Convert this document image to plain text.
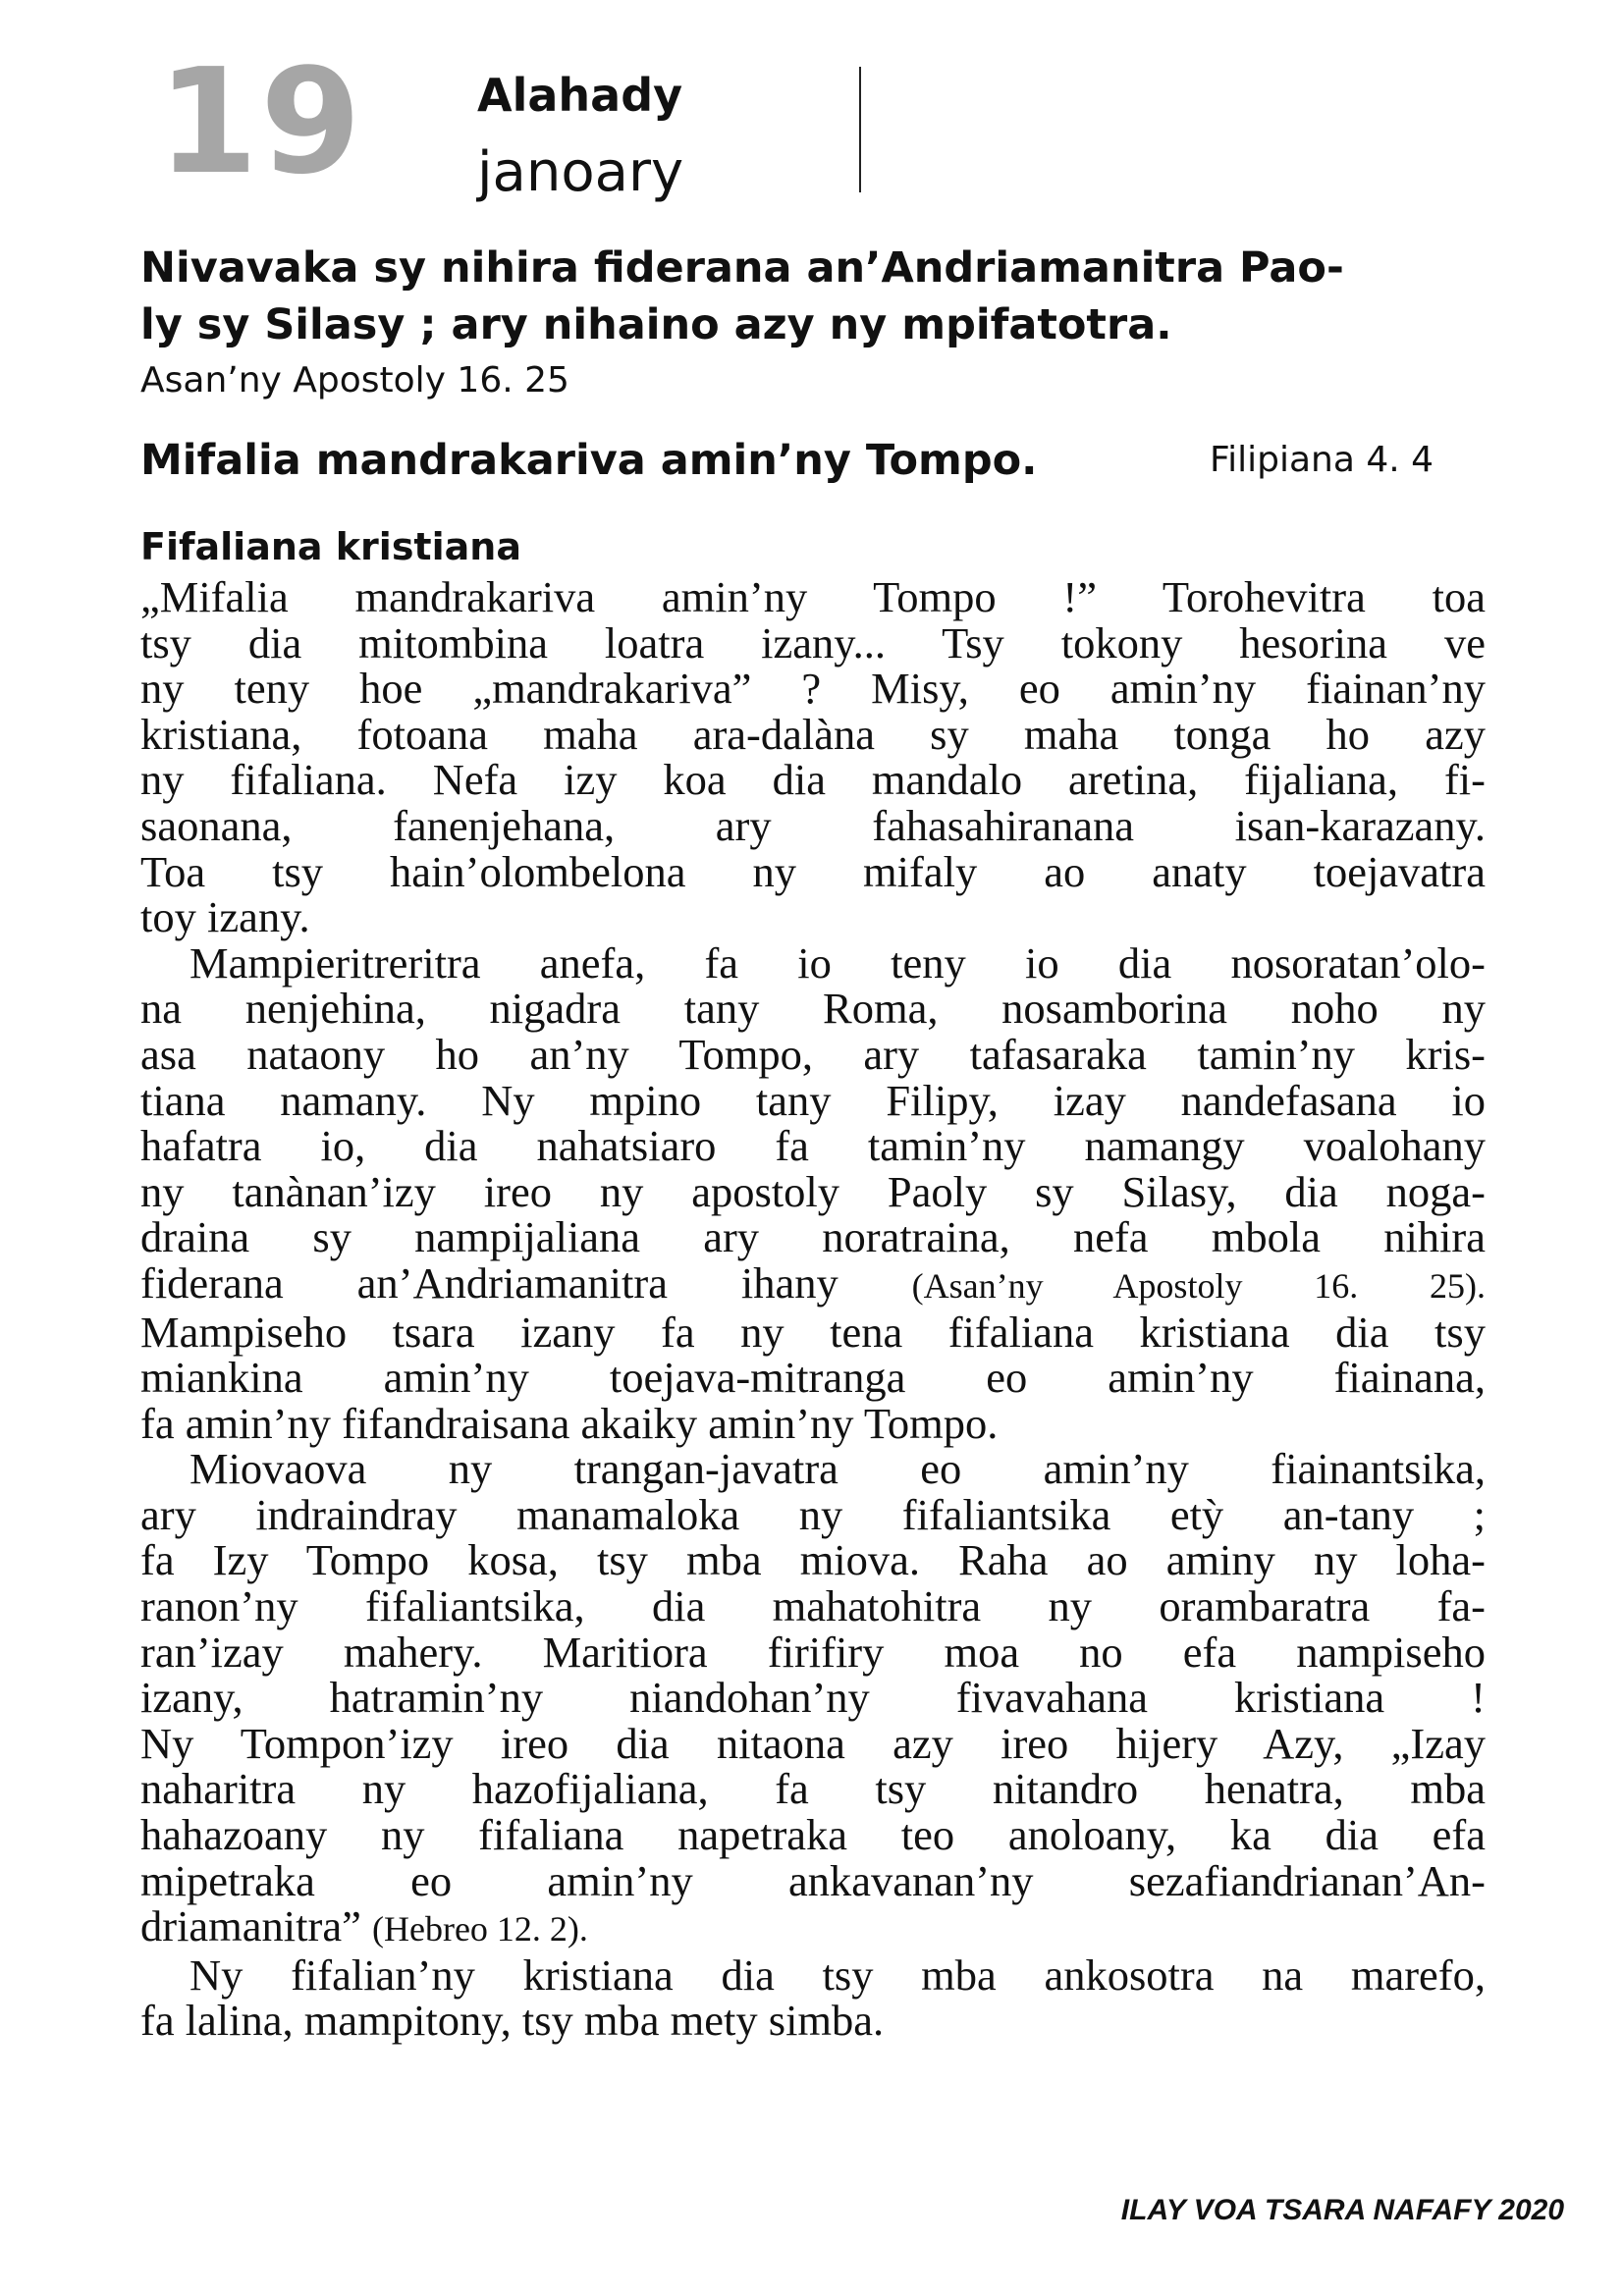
19	Alahady
janoary
Nivavaka sy nihira fiderana an’Andriamanitra Pao-
ly sy Silasy ; ary nihaino azy ny mpifatotra.
Asan’ny Apostoly 16. 25
Mifalia mandrakariva amin’ny Tompo.	Filipiana 4. 4
Fifaliana kristiana
„Mifalia mandrakariva amin’ny Tompo !” Torohevitra toa
tsy dia mitombina loatra izany... Tsy tokony hesorina ve
ny teny hoe „mandrakariva” ? Misy, eo amin’ny fiainan’ny
kristiana, fotoana maha ara-dalàna sy maha tonga ho azy
ny fifaliana. Nefa izy koa dia mandalo aretina, fijaliana, fi-
saonana, fanenjehana, ary fahasahiranana isan-karazany.
Toa tsy hain’olombelona ny mifaly ao anaty toejavatra
toy izany.
Mampieritreritra anefa, fa io teny io dia nosoratan’olo-
na nenjehina, nigadra tany Roma, nosamborina noho ny
asa nataony ho an’ny Tompo, ary tafasaraka tamin’ny kris-
tiana namany. Ny mpino tany Filipy, izay nandefasana io
hafatra io, dia nahatsiaro fa tamin’ny namangy voalohany
ny tanànan’izy ireo ny apostoly Paoly sy Silasy, dia noga-
draina sy nampijaliana ary noratraina, nefa mbola nihira
fiderana an’Andriamanitra ihany (Asan’ny Apostoly 16. 25).
Mampiseho tsara izany fa ny tena fifaliana kristiana dia tsy
miankina amin’ny toejava-mitranga eo amin’ny fiainana,
fa amin’ny fifandraisana akaiky amin’ny Tompo.
Miovaova ny trangan-javatra eo amin’ny fiainantsika,
ary indraindray manamaloka ny fifaliantsika etỳ an-tany ;
fa Izy Tompo kosa, tsy mba miova. Raha ao aminy ny loha-
ranon’ny fifaliantsika, dia mahatohitra ny orambaratra fa-
ran’izay mahery. Maritiora firifiry moa no efa nampiseho
izany, hatramin’ny niandohan’ny fivavahana kristiana !
Ny Tompon’izy ireo dia nitaona azy ireo hijery Azy, „Izay
naharitra ny hazofijaliana, fa tsy nitandro henatra, mba
hahazoany ny fifaliana napetraka teo anoloany, ka dia efa
mipetraka eo amin’ny ankavanan’ny sezafiandrianan’An-
driamanitra” (Hebreo 12. 2).
Ny fifalian’ny kristiana dia tsy mba ankosotra na marefo,
fa lalina, mampitony, tsy mba mety simba.
ILAY VOA TSARA NAFAFY 2020
